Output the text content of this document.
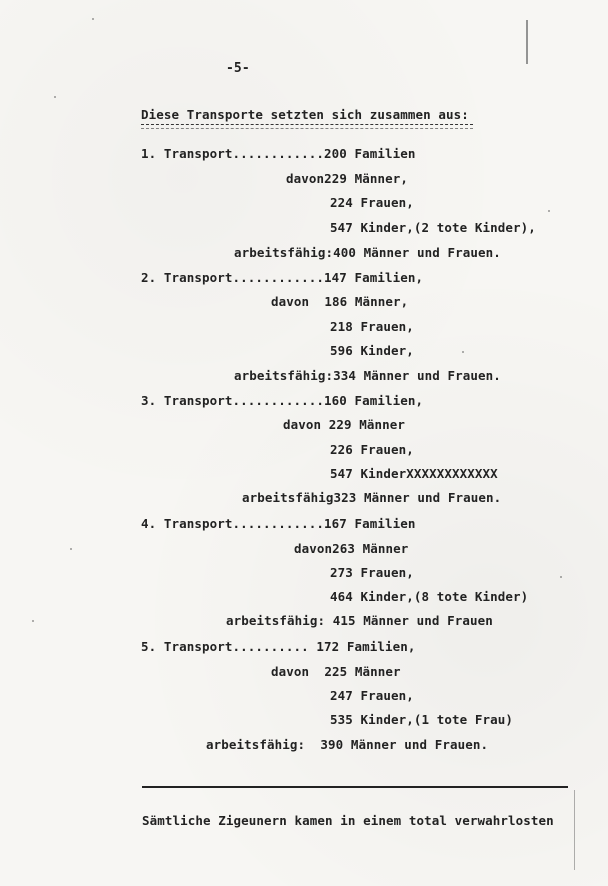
-5-
Diese Transporte setzten sich zusammen aus:
1. Transport............200 Familien
davon229 Männer,
224 Frauen,
547 Kinder,(2 tote Kinder),
arbeitsfähig:400 Männer und Frauen.
2. Transport............147 Familien,
davon  186 Männer,
218 Frauen,
596 Kinder,
arbeitsfähig:334 Männer und Frauen.
3. Transport............160 Familien,
davon 229 Männer
226 Frauen,
547 KinderXXXXXXXXXXXX
arbeitsfähig323 Männer und Frauen.
4. Transport............167 Familien
davon263 Männer
273 Frauen,
464 Kinder,(8 tote Kinder)
arbeitsfähig: 415 Männer und Frauen
5. Transport.......... 172 Familien,
davon  225 Männer
247 Frauen,
535 Kinder,(1 tote Frau)
arbeitsfähig:  390 Männer und Frauen.
Sämtliche Zigeunern kamen in einem total verwahrlosten
